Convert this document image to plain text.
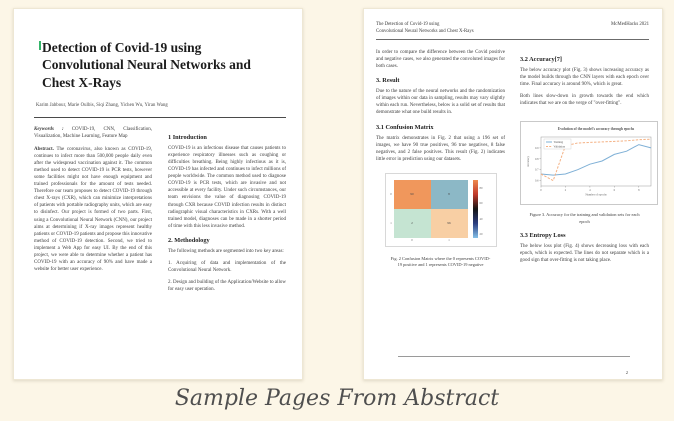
Detection of Covid-19 using Convolutional Neural Networks and Chest X-Rays
Karim Jabbour, Marie Oulbis, Siqi Zhang, Yichen Wu, Yiran Wang

Keywords : COVID-19, CNN, Classification, Visualization, Machine Learning, Feature Map

Abstract. The coronavirus, also known as COVID-19, continues to infect more than 500,000 people daily even after the widespread vaccination against it. The common method used to detect COVID-19 is PCR tests, however some facilities might not have enough equipment and trained professionals for the amount of tests needed. Therefore our team proposes to detect COVID-19 through chest X-rays (CXR), which can minimize interpretations of patients with portable radiography units, which are easy to disinfect. Our project is formed of two parts. First, using a Convolutional Neural Network (CNN), our project aims at determining if X-ray images represent healthy patients or COVID-19 patients and propose this innovative method of COVID-19 detection. Second, we tried to implement a Web App for easy UI. By the end of this project, we were able to determine whether a patient has COVID-19 with an accuracy of 90% and have made a website for better user experience.

1 Introduction

COVID-19 is an infectious disease that causes patients to experience respiratory illnesses such as coughing or difficulties breathing. Being highly infectious as it is, COVID-19 has infected and continues to infect millions of people worldwide. The common method used to diagnose COVID-19 is PCR tests, which are invasive and not accessible at every facility. Under such circumstances, our team envisions the value of diagnosing COVID-19 through CXR because COVID infection results in distinct radiographic visual characteristics in CXRs. With a well trained model, diagnoses can be made in a shorter period of time with this less invasive method.

2. Methodology

The following methods are segmented into two key areas:

1. Acquiring of data and implementation of the Convolutional Neural Network.

2. Design and building of the Application/Website to allow for easy user operation.

The Detection of Covid-19 using
Convolutional Neural Networks and Chest X-Rays
McMedHacks 2021

In order to compare the difference between the Covid positive and negative cases, we also generated the convoluted images for both cases.

3. Result

Due to the nature of the neural networks and the randomization of images within our data in sampling, results may vary slightly within each run. Nevertheless, below is a solid set of results that demonstrate what one build results in.

3.1 Confusion Matrix

The matrix demonstrates in Fig. 2 that using a 196 set of images, we have 90 true positives, 96 true negatives, 8 false negatives, and 2 false positives. This result (Fig. 2) indicates little error in prediction using our datasets.

0
1
90	8
2	96
80
60
40
20
0	1
Fig. 2 Confusion Matrix where the 0 represents COVID-19 positive and 1 represents COVID-19 negative
3.2 Accuracy[7]

The below accuracy plot (Fig. 3) shows increasing accuracy as the model builds through the CNN layers with each epoch over time. Final accuracy is around 90%, which is great.

Both lines slow-down in growth towards the end which indicates that we are on the verge of "over-fitting".

Evolution of the model's accuracy through epochs
0.6
0.7
0.8
0.9
0	2	4	6	8
Number of epochs
Accuracy
Training
Validation
Figure 3. Accuracy for the training and validation sets for each epoch
3.3 Entropy Loss

The below loss plot (Fig. 4) shows decreasing loss with each epoch, which is expected. The lines do not separate which is a good sign that over-fitting is not taking place.

2
Sample Pages From Abstract
